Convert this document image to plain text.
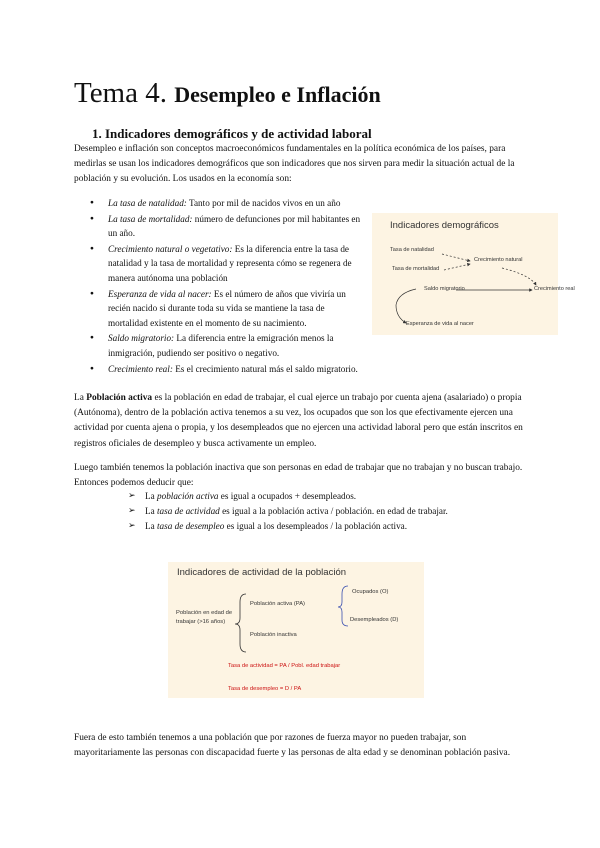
Tema 4. Desempleo e Inflación
1. Indicadores demográficos y de actividad laboral
Desempleo e inflación son conceptos macroeconómicos fundamentales en la política económica de los países, para medirlas se usan los indicadores demográficos que son indicadores que nos sirven para medir la situación actual de la población y su evolución. Los usados en la economía son:
● La tasa de natalidad: Tanto por mil de nacidos vivos en un año
● La tasa de mortalidad: número de defunciones por mil habitantes en un año.
● Crecimiento natural o vegetativo: Es la diferencia entre la tasa de natalidad y la tasa de mortalidad y representa cómo se regenera de manera autónoma una población
● Esperanza de vida al nacer: Es el número de años que viviría un recién nacido si durante toda su vida se mantiene la tasa de mortalidad existente en el momento de su nacimiento.
● Saldo migratorio: La diferencia entre la emigración menos la inmigración, pudiendo ser positivo o negativo.
● Crecimiento real: Es el crecimiento natural más el saldo migratorio.
Indicadores demográficos
Tasa de natalidad
Tasa de mortalidad
Crecimiento natural
Saldo migratorio	Crecimiento real
Esperanza de vida al nacer
La Población activa es la población en edad de trabajar, el cual ejerce un trabajo por cuenta ajena (asalariado) o propia (Autónoma), dentro de la población activa tenemos a su vez, los ocupados que son los que efectivamente ejercen una actividad por cuenta ajena o propia, y los desempleados que no ejercen una actividad laboral pero que están inscritos en registros oficiales de desempleo y busca activamente un empleo.
Luego también tenemos la población inactiva que son personas en edad de trabajar que no trabajan y no buscan trabajo. Entonces podemos deducir que:
➢ La población activa es igual a ocupados + desempleados.
➢ La tasa de actividad es igual a la población activa / población. en edad de trabajar.
➢ La tasa de desempleo es igual a los desempleados / la población activa.
Indicadores de actividad de la población
Población en edad de trabajar (>16 años)
Población activa (PA)
Población inactiva
Ocupados (O)
Desempleados (D)
Tasa de actividad = PA / Pobl. edad trabajar
Tasa de desempleo = D / PA
Fuera de esto también tenemos a una población que por razones de fuerza mayor no pueden trabajar, son mayoritariamente las personas con discapacidad fuerte y las personas de alta edad y se denominan población pasiva.
